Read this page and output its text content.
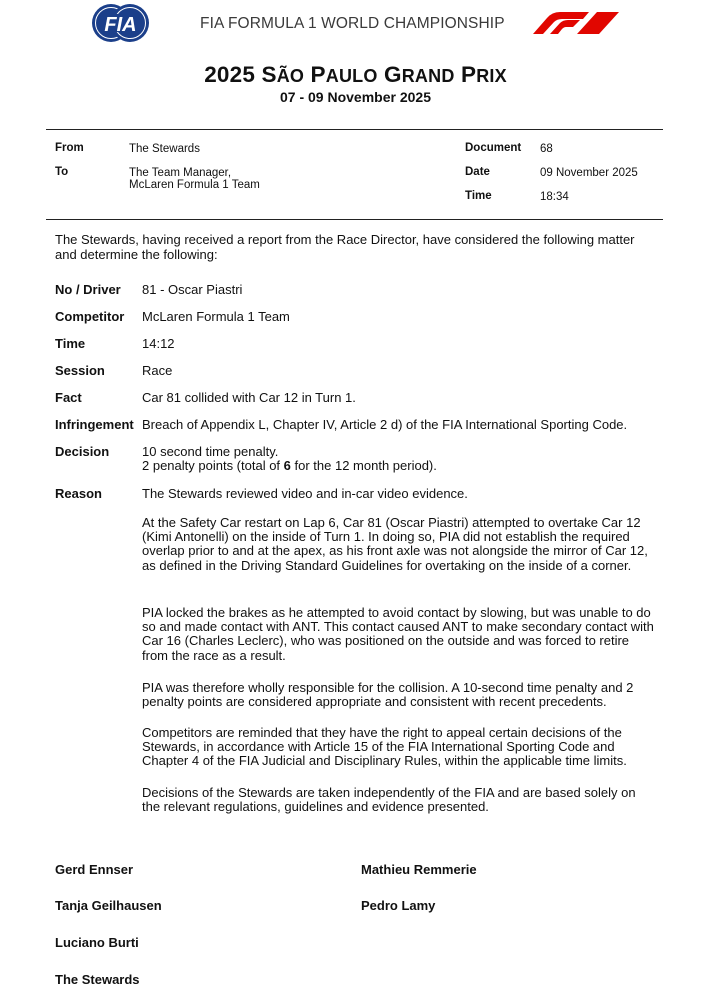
FIA	FIA FORMULA 1 WORLD CHAMPIONSHIP
2025 SÃO PAULO GRAND PRIX
07 - 09 November 2025
From	The Stewards
To	The Team Manager,
McLaren Formula 1 Team
Document 68
Date	09 November 2025
Time	18:34
The Stewards, having received a report from the Race Director, have considered the following matter and determine the following:
No / Driver 81 - Oscar Piastri
Competitor McLaren Formula 1 Team
Time	14:12
Session	Race
Fact	Car 81 collided with Car 12 in Turn 1.
Infringement Breach of Appendix L, Chapter IV, Article 2 d) of the FIA International Sporting Code.
Decision	10 second time penalty.
2 penalty points (total of 6 for the 12 month period).
Reason	The Stewards reviewed video and in-car video evidence.
At the Safety Car restart on Lap 6, Car 81 (Oscar Piastri) attempted to overtake Car 12 (Kimi Antonelli) on the inside of Turn 1. In doing so, PIA did not establish the required overlap prior to and at the apex, as his front axle was not alongside the mirror of Car 12, as defined in the Driving Standard Guidelines for overtaking on the inside of a corner.
PIA locked the brakes as he attempted to avoid contact by slowing, but was unable to do so and made contact with ANT. This contact caused ANT to make secondary contact with Car 16 (Charles Leclerc), who was positioned on the outside and was forced to retire from the race as a result.
PIA was therefore wholly responsible for the collision. A 10-second time penalty and 2 penalty points are considered appropriate and consistent with recent precedents.
Competitors are reminded that they have the right to appeal certain decisions of the Stewards, in accordance with Article 15 of the FIA International Sporting Code and Chapter 4 of the FIA Judicial and Disciplinary Rules, within the applicable time limits.
Decisions of the Stewards are taken independently of the FIA and are based solely on the relevant regulations, guidelines and evidence presented.
Gerd Ennser	Mathieu Remmerie
Tanja Geilhausen	Pedro Lamy
Luciano Burti
The Stewards
